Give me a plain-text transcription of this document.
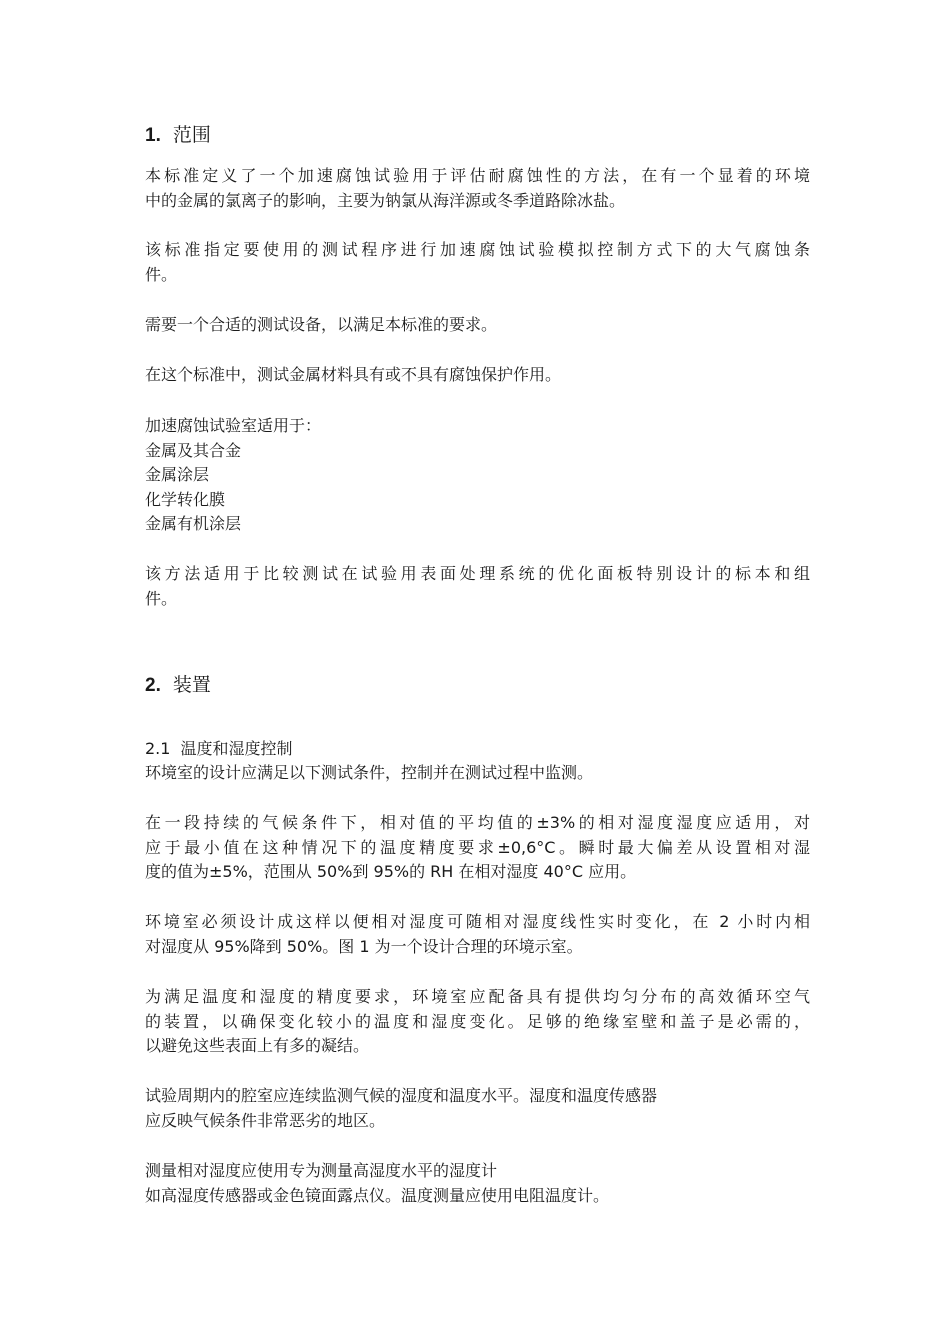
1. 范围
本标准定义了一个加速腐蚀试验用于评估耐腐蚀性的方法，在有一个显着的环境
中的金属的氯离子的影响，主要为钠氯从海洋源或冬季道路除冰盐。
该标准指定要使用的测试程序进行加速腐蚀试验模拟控制方式下的大气腐蚀条
件。
需要一个合适的测试设备，以满足本标准的要求。
在这个标准中，测试金属材料具有或不具有腐蚀保护作用。
加速腐蚀试验室适用于：
金属及其合金
金属涂层
化学转化膜
金属有机涂层
该方法适用于比较测试在试验用表面处理系统的优化面板特别设计的标本和组
件。
2. 装置
2.1 温度和湿度控制
环境室的设计应满足以下测试条件，控制并在测试过程中监测。
在一段持续的气候条件下，相对值的平均值的±3%的相对湿度湿度应适用，对
应于最小值在这种情况下的温度精度要求±0,6°C。瞬时最大偏差从设置相对湿
度的值为±5%，范围从 50%到 95%的 RH 在相对湿度 40°C 应用。
环境室必须设计成这样以便相对湿度可随相对湿度线性实时变化，在 2 小时内相
对湿度从 95%降到 50%。图 1 为一个设计合理的环境示室。
为满足温度和湿度的精度要求，环境室应配备具有提供均匀分布的高效循环空气
的装置，以确保变化较小的温度和湿度变化。足够的绝缘室壁和盖子是必需的，
以避免这些表面上有多的凝结。
试验周期内的腔室应连续监测气候的湿度和温度水平。湿度和温度传感器
应反映气候条件非常恶劣的地区。
测量相对湿度应使用专为测量高湿度水平的湿度计
如高湿度传感器或金色镜面露点仪。温度测量应使用电阻温度计。
